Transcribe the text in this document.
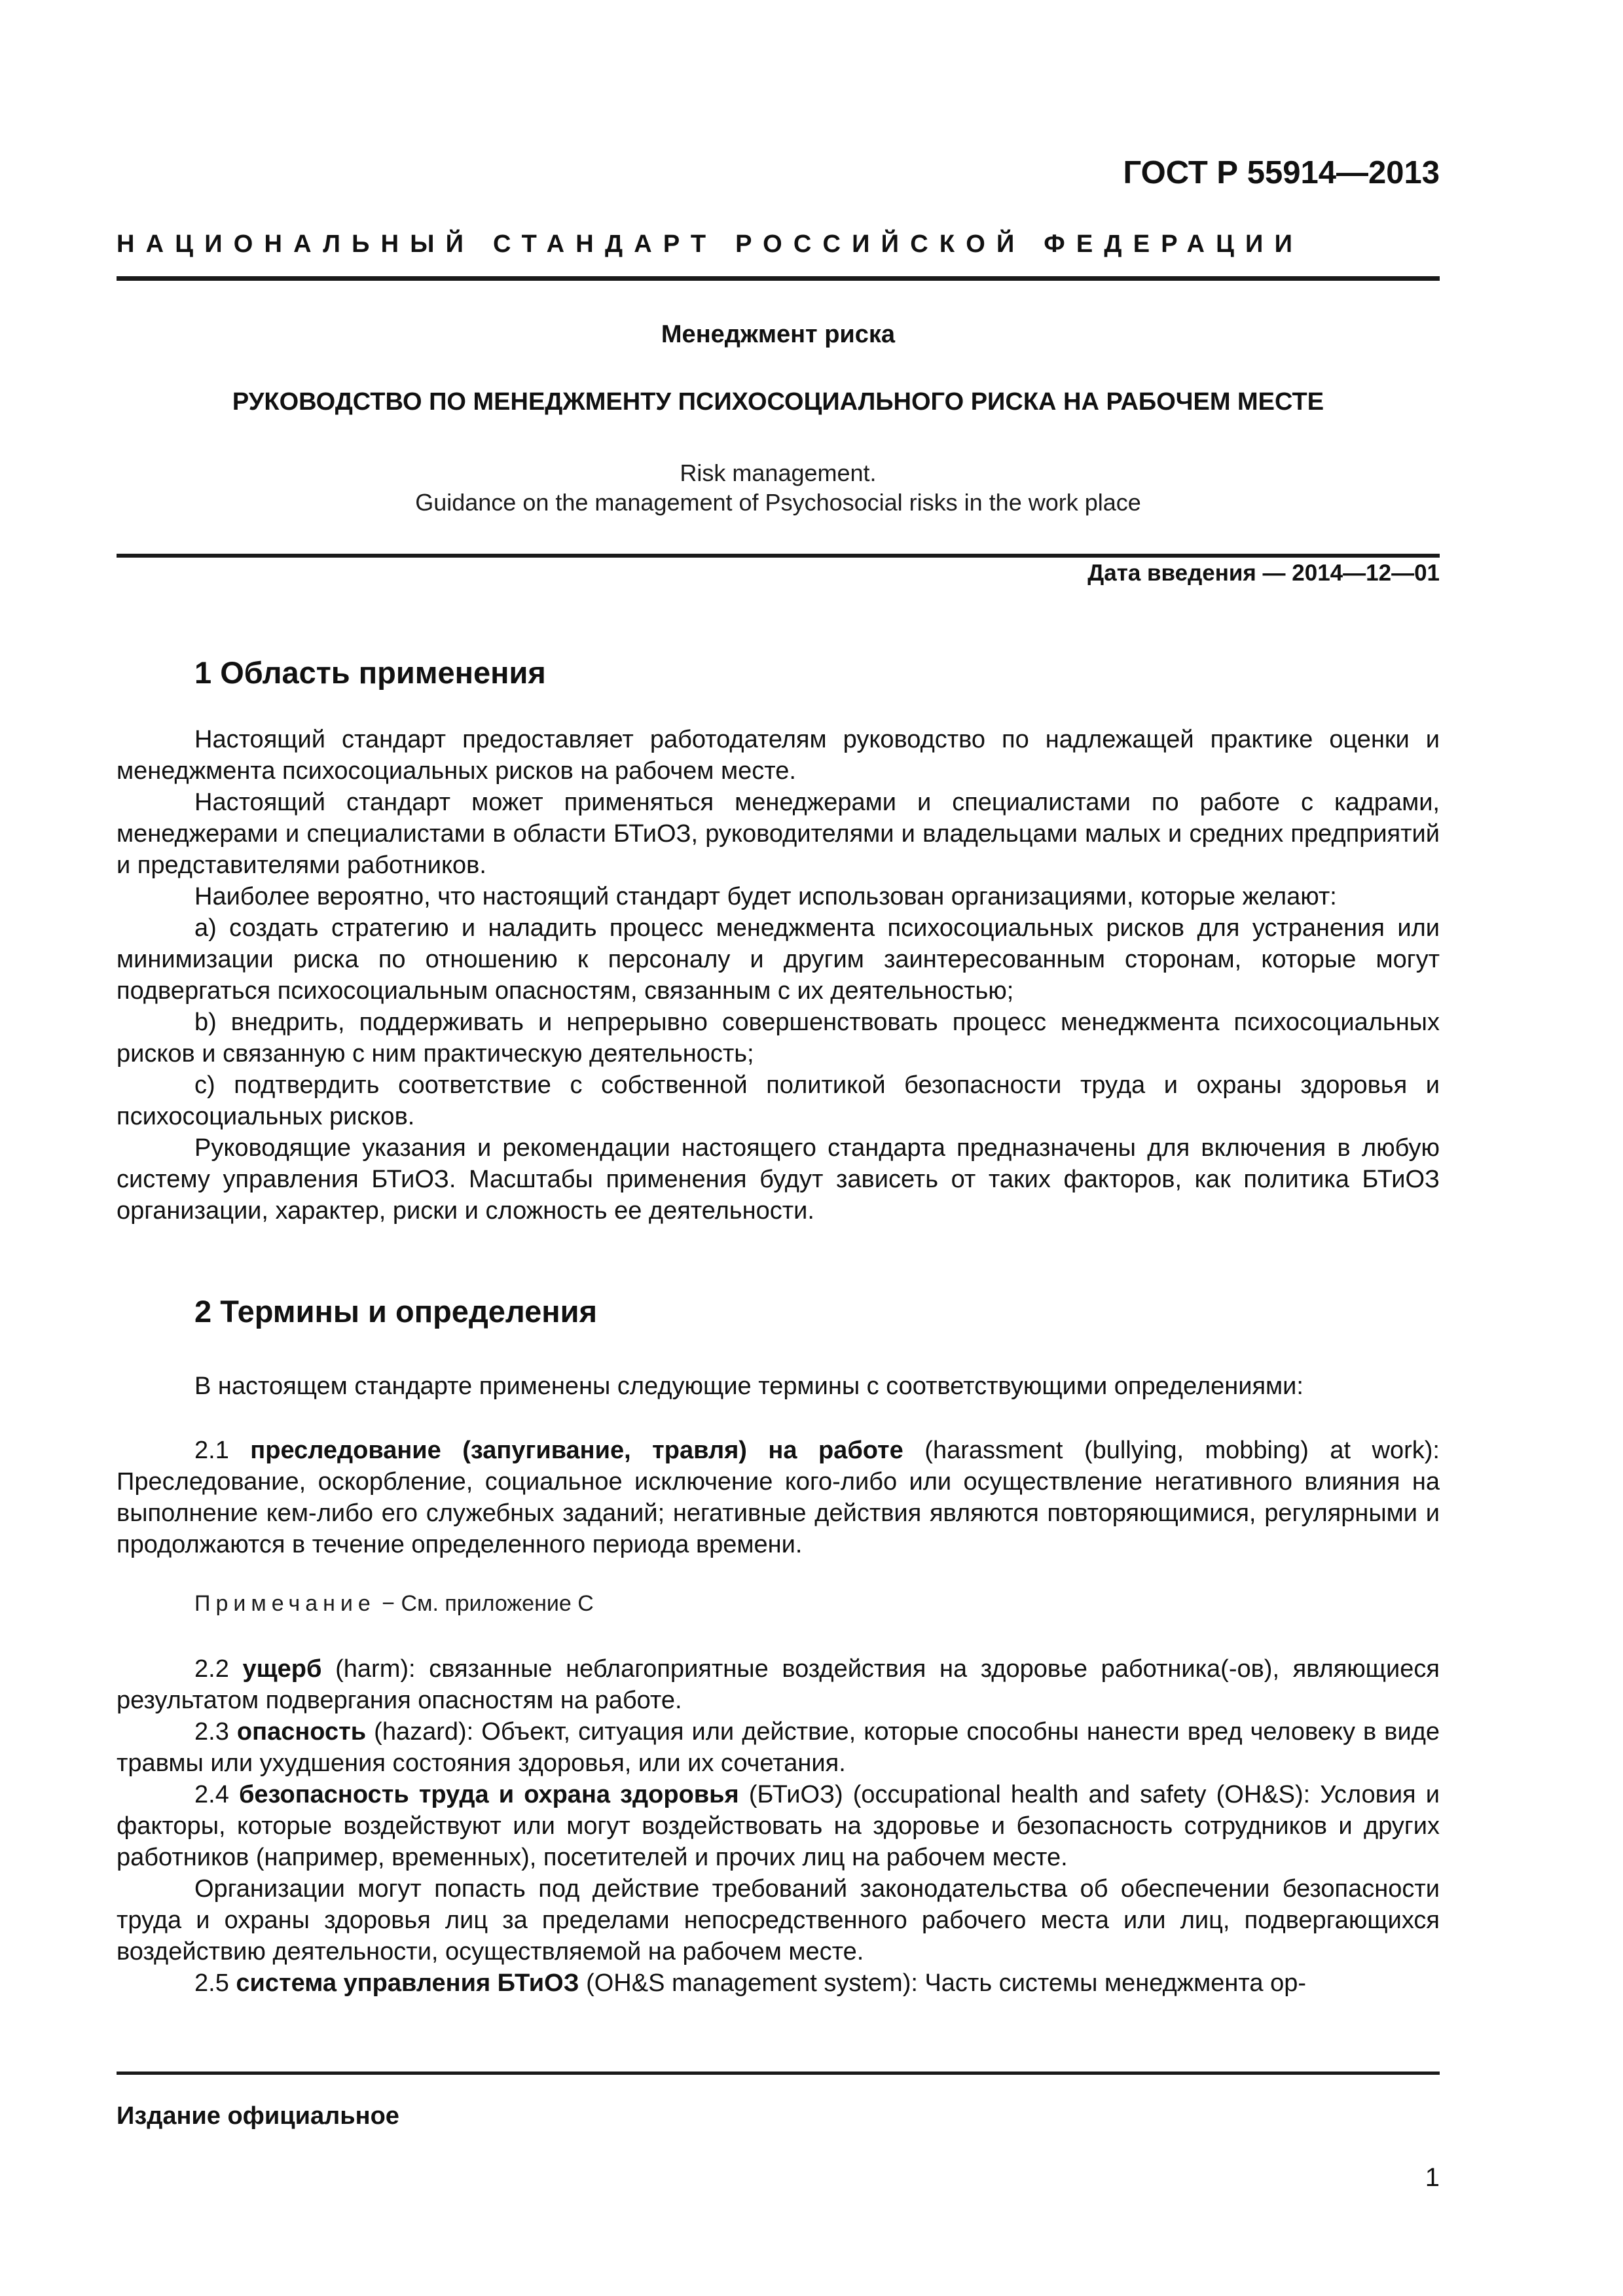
ГОСТ Р 55914—2013
НАЦИОНАЛЬНЫЙ СТАНДАРТ РОССИЙСКОЙ ФЕДЕРАЦИИ
Менеджмент риска
РУКОВОДСТВО ПО МЕНЕДЖМЕНТУ ПСИХОСОЦИАЛЬНОГО РИСКА НА РАБОЧЕМ МЕСТЕ
Risk management.
Guidance on the management of Psychosocial risks in the work place
Дата введения — 2014—12—01
1 Область применения

Настоящий стандарт предоставляет работодателям руководство по надлежащей практике оценки и менеджмента психосоциальных рисков на рабочем месте.

Настоящий стандарт может применяться менеджерами и специалистами по работе с кадрами, менеджерами и специалистами в области БТиОЗ, руководителями и владельцами малых и средних предприятий и представителями работников.

Наиболее вероятно, что настоящий стандарт будет использован организациями, которые желают:

а) создать стратегию и наладить процесс менеджмента психосоциальных рисков для устранения или минимизации риска по отношению к персоналу и другим заинтересованным сторонам, которые могут подвергаться психосоциальным опасностям, связанным с их деятельностью;

b) внедрить, поддерживать и непрерывно совершенствовать процесс менеджмента психосоциальных рисков и связанную с ним практическую деятельность;

с) подтвердить соответствие с собственной политикой безопасности труда и охраны здоровья и психосоциальных рисков.

Руководящие указания и рекомендации настоящего стандарта предназначены для включения в любую систему управления БТиОЗ. Масштабы применения будут зависеть от таких факторов, как политика БТиОЗ организации, характер, риски и сложность ее деятельности.

2 Термины и определения

В настоящем стандарте применены следующие термины с соответствующими определениями:

2.1 преследование (запугивание, травля) на работе (harassment (bullying, mobbing) at work): Преследование, оскорбление, социальное исключение кого-либо или осуществление негативного влияния на выполнение кем-либо его служебных заданий; негативные действия являются повторяющимися, регулярными и продолжаются в течение определенного периода времени.

Примечание − См. приложение С

2.2 ущерб (harm): связанные неблагоприятные воздействия на здоровье работника(-ов), являющиеся результатом подвергания опасностям на работе.

2.3 опасность (hazard): Объект, ситуация или действие, которые способны нанести вред человеку в виде травмы или ухудшения состояния здоровья, или их сочетания.

2.4 безопасность труда и охрана здоровья (БТиОЗ) (occupational health and safety (OH&S): Условия и факторы, которые воздействуют или могут воздействовать на здоровье и безопасность сотрудников и других работников (например, временных), посетителей и прочих лиц на рабочем месте.

Организации могут попасть под действие требований законодательства об обеспечении безопасности труда и охраны здоровья лиц за пределами непосредственного рабочего места или лиц, подвергающихся воздействию деятельности, осуществляемой на рабочем месте.

2.5 система управления БТиОЗ (OH&S management system): Часть системы менеджмента ор-

Издание официальное
1
